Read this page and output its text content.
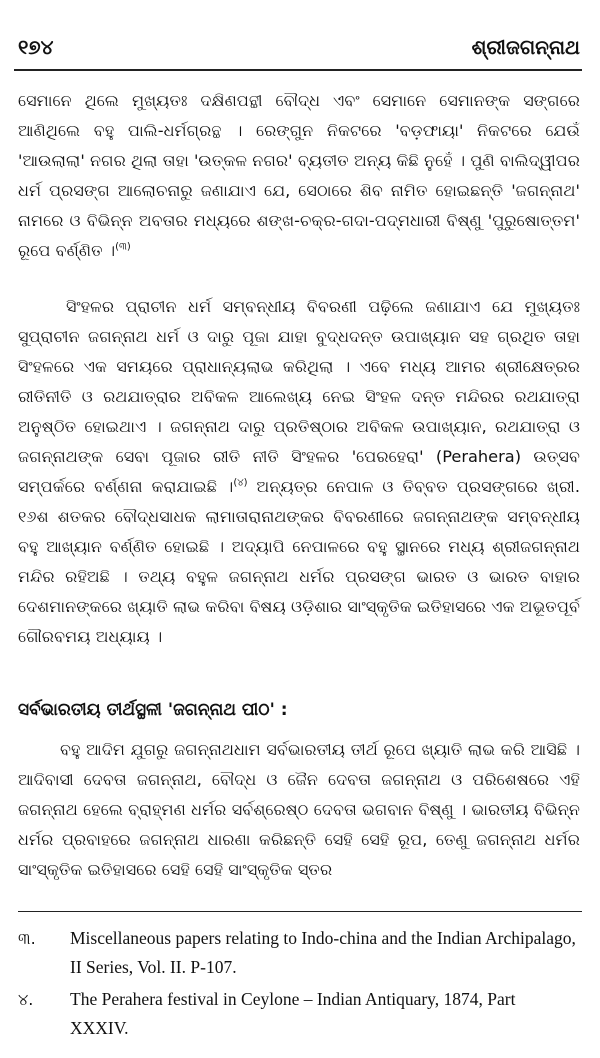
୧୭୪	ଶ୍ରୀଜଗନ୍ନାଥ

ସେମାନେ ଥିଲେ ମୁଖ୍ୟତଃ ଦକ୍ଷିଣପନ୍ଥୀ ବୌଦ୍ଧ ଏବଂ ସେମାନେ ସେମାନଙ୍କ ସଙ୍ଗରେ ଆଣିଥିଲେ ବହୁ ପାଲି-ଧର୍ମଗ୍ରନ୍ଥ । ରେଙ୍ଗୁନ ନିକଟରେ 'ବଡ଼ଫାୟା' ନିକଟରେ ଯେଉଁ 'ଆଉଲାଲା' ନଗର ଥିଲା ତାହା 'ଉତ୍କଳ ନଗର' ବ୍ୟତୀତ ଅନ୍ୟ କିଛି ନୁହେଁ । ପୁଣି ବାଲିଦ୍ୱୀପର ଧର୍ମ ପ୍ରସଙ୍ଗ ଆଲୋଚନାରୁ ଜଣାଯାଏ ଯେ, ସେଠାରେ ଶିବ ନାମିତ ହୋଇଛନ୍ତି 'ଜଗନ୍ନାଥ' ନାମରେ ଓ ବିଭିନ୍ନ ଅବତାର ମଧ୍ୟରେ ଶଙ୍ଖ-ଚକ୍ର-ଗଦା-ପଦ୍ମଧାରୀ ବିଷ୍ଣୁ 'ପୁରୁଷୋତ୍ତମ' ରୂପେ ବର୍ଣ୍ଣିତ ।$^{(୩)}$

ସିଂହଳର ପ୍ରାଚୀନ ଧର୍ମ ସମ୍ବନ୍ଧୀୟ ବିବରଣୀ ପଢ଼ିଲେ ଜଣାଯାଏ ଯେ ମୁଖ୍ୟତଃ ସୁପ୍ରାଚୀନ ଜଗନ୍ନାଥ ଧର୍ମ ଓ ଦାରୁ ପୂଜା ଯାହା ବୁଦ୍ଧଦନ୍ତ ଉପାଖ୍ୟାନ ସହ ଗ୍ରଥିତ ତାହା ସିଂହଳରେ ଏକ ସମୟରେ ପ୍ରାଧାନ୍ୟଲାଭ କରିଥିଲା । ଏବେ ମଧ୍ୟ ଆମର ଶ୍ରୀକ୍ଷେତ୍ରର ରୀତିନୀତି ଓ ରଥଯାତ୍ରାର ଅବିକଳ ଆଲେଖ୍ୟ ନେଇ ସିଂହଳ ଦନ୍ତ ମନ୍ଦିରର ରଥଯାତ୍ରା ଅନୁଷ୍ଠିତ ହୋଇଥାଏ । ଜଗନ୍ନାଥ ଦାରୁ ପ୍ରତିଷ୍ଠାର ଅବିକଳ ଉପାଖ୍ୟାନ, ରଥଯାତ୍ରା ଓ ଜଗନ୍ନାଥଙ୍କ ସେବା ପୂଜାର ରୀତି ନୀତି ସିଂହଳର 'ପେରହେରା' (Perahera) ଉତ୍ସବ ସମ୍ପର୍କରେ ବର୍ଣ୍ଣନା କରାଯାଇଛି ।$^{(୪)}$ ଅନ୍ୟତ୍ର ନେପାଳ ଓ ତିବ୍ବତ ପ୍ରସଙ୍ଗରେ ଖ୍ରୀ. ୧୬ଶ ଶତକର ବୌଦ୍ଧସାଧକ ଲାମାତାରାନାଥଙ୍କର ବିବରଣୀରେ ଜଗନ୍ନାଥଙ୍କ ସମ୍ବନ୍ଧୀୟ ବହୁ ଆଖ୍ୟାନ ବର୍ଣ୍ଣିତ ହୋଇଛି । ଅଦ୍ୟାପି ନେପାଳରେ ବହୁ ସ୍ଥାନରେ ମଧ୍ୟ ଶ୍ରୀଜଗନ୍ନାଥ ମନ୍ଦିର ରହିଅଛି । ତଥ୍ୟ ବହୁଳ ଜଗନ୍ନାଥ ଧର୍ମର ପ୍ରସଙ୍ଗ ଭାରତ ଓ ଭାରତ ବାହାର ଦେଶମାନଙ୍କରେ ଖ୍ୟାତି ଲାଭ କରିବା ବିଷୟ ଓଡ଼ିଶାର ସାଂସ୍କୃତିକ ଇତିହାସରେ ଏକ ଅଭୂତପୂର୍ବ ଗୌରବମୟ ଅଧ୍ୟାୟ ।

ସର୍ବଭାରତୀୟ ତୀର୍ଥସ୍ଥଳୀ 'ଜଗନ୍ନାଥ ପୀଠ' :

ବହୁ ଆଦିମ ଯୁଗରୁ ଜଗନ୍ନାଥଧାମ ସର୍ବଭାରତୀୟ ତୀର୍ଥ ରୂପେ ଖ୍ୟାତି ଲାଭ କରି ଆସିଛି । ଆଦିବାସୀ ଦେବତା ଜଗନ୍ନାଥ, ବୌଦ୍ଧ ଓ ଜୈନ ଦେବତା ଜଗନ୍ନାଥ ଓ ପରିଶେଷରେ ଏହି ଜଗନ୍ନାଥ ହେଲେ ବ୍ରାହ୍ମଣ ଧର୍ମର ସର୍ବଶ୍ରେଷ୍ଠ ଦେବତା ଭଗବାନ ବିଷ୍ଣୁ । ଭାରତୀୟ ବିଭିନ୍ନ ଧର୍ମର ପ୍ରବାହରେ ଜଗନ୍ନାଥ ଧାରଣା କରିଛନ୍ତି ସେହି ସେହି ରୂପ, ତେଣୁ ଜଗନ୍ନାଥ ଧର୍ମର ସାଂସ୍କୃତିକ ଇତିହାସରେ ସେହି ସେହି ସାଂସ୍କୃତିକ ସ୍ତର

୩.	Miscellaneous papers relating to Indo-china and the Indian Archipalago, II Series, Vol. II. P-107.
୪.	The Perahera festival in Ceylone – Indian Antiquary, 1874, Part XXXIV.
